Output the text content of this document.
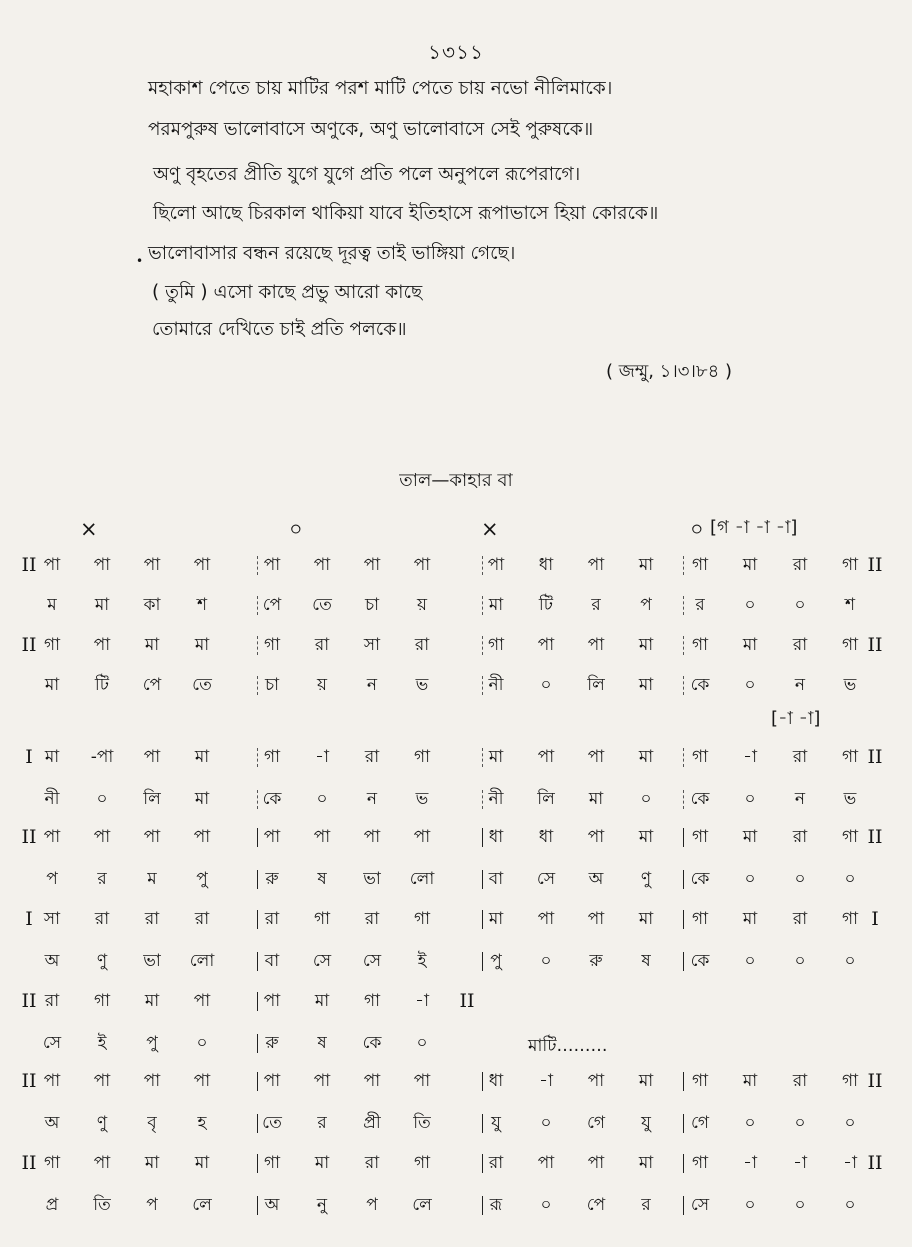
১৩১১
মহাকাশ পেতে চায় মাটির পরশ মাটি পেতে চায় নভো নীলিমাকে।
পরমপুরুষ ভালোবাসে অণুকে, অণু ভালোবাসে সেই পুরুষকে॥
অণু বৃহতের প্রীতি যুগে যুগে প্রতি পলে অনুপলে রূপেরাগে।
ছিলো আছে চিরকাল থাকিয়া যাবে ইতিহাসে রূপাভাসে হিয়া কোরকে॥
• ভালোবাসার বন্ধন রয়েছে দূরত্ব তাই ভাঙ্গিয়া গেছে।
( তুমি ) এসো কাছে প্রভু আরো কাছে
তোমারে দেখিতে চাই প্রতি পলকে॥
( জম্মু, ১।৩।৮৪ )
তাল—কাহার বা
×	০	×	০ [গ -া -া -া]
[-া -া]
II পা	পা	পা	পা	পা	পা	পা	পা	পা	ধা	পা	মা	গা	মা	রা	গা II
ম	মা	কা	শ	পে	তে	চা	য়	মা	টি	র	প	র	০	০	শ
II গা	পা	মা	মা	গা	রা	সা	রা	গা	পা	পা	মা	গা	মা	রা	গা II
মা	টি	পে	তে	চা	য়	ন	ভ	নী	০	লি	মা	কে	০	ন	ভ
I মা	-পা	পা	মা	গা	-া	রা	গা	মা	পা	পা	মা	গা	-া	রা	গা II
নী	০	লি	মা	কে	০	ন	ভ	নী	লি	মা	০	কে	০	ন	ভ
II পা	পা	পা	পা	পা	পা	পা	পা	ধা	ধা	পা	মা	গা	মা	রা	গা II
প	র	ম	পু	রু	ষ	ভা	লো	বা	সে	অ	ণু	কে	০	০	০
I সা	রা	রা	রা	রা	গা	রা	গা	মা	পা	পা	মা	গা	মা	রা	গা I
অ	ণু	ভা	লো	বা	সে	সে	ই	পু	০	রু	ষ	কে	০	০	০
II রা	গা	মা	পা	পা	মা	গা	-া	II
সে	ই	পু	০	রু	ষ	কে	০
II পা	পা	পা	পা	পা	পা	পা	পা	ধা	-া	পা	মা	গা	মা	রা	গা II
অ	ণু	বৃ	হ	তে	র	প্রী	তি	যু	০	গে	যু	গে	০	০	০
II গা	পা	মা	মা	গা	মা	রা	গা	রা	পা	পা	মা	গা	-া	-া	-া II
প্র	তি	প	লে	অ	নু	প	লে	রূ	০	পে	র	সে	০	০	০
মাটি………
